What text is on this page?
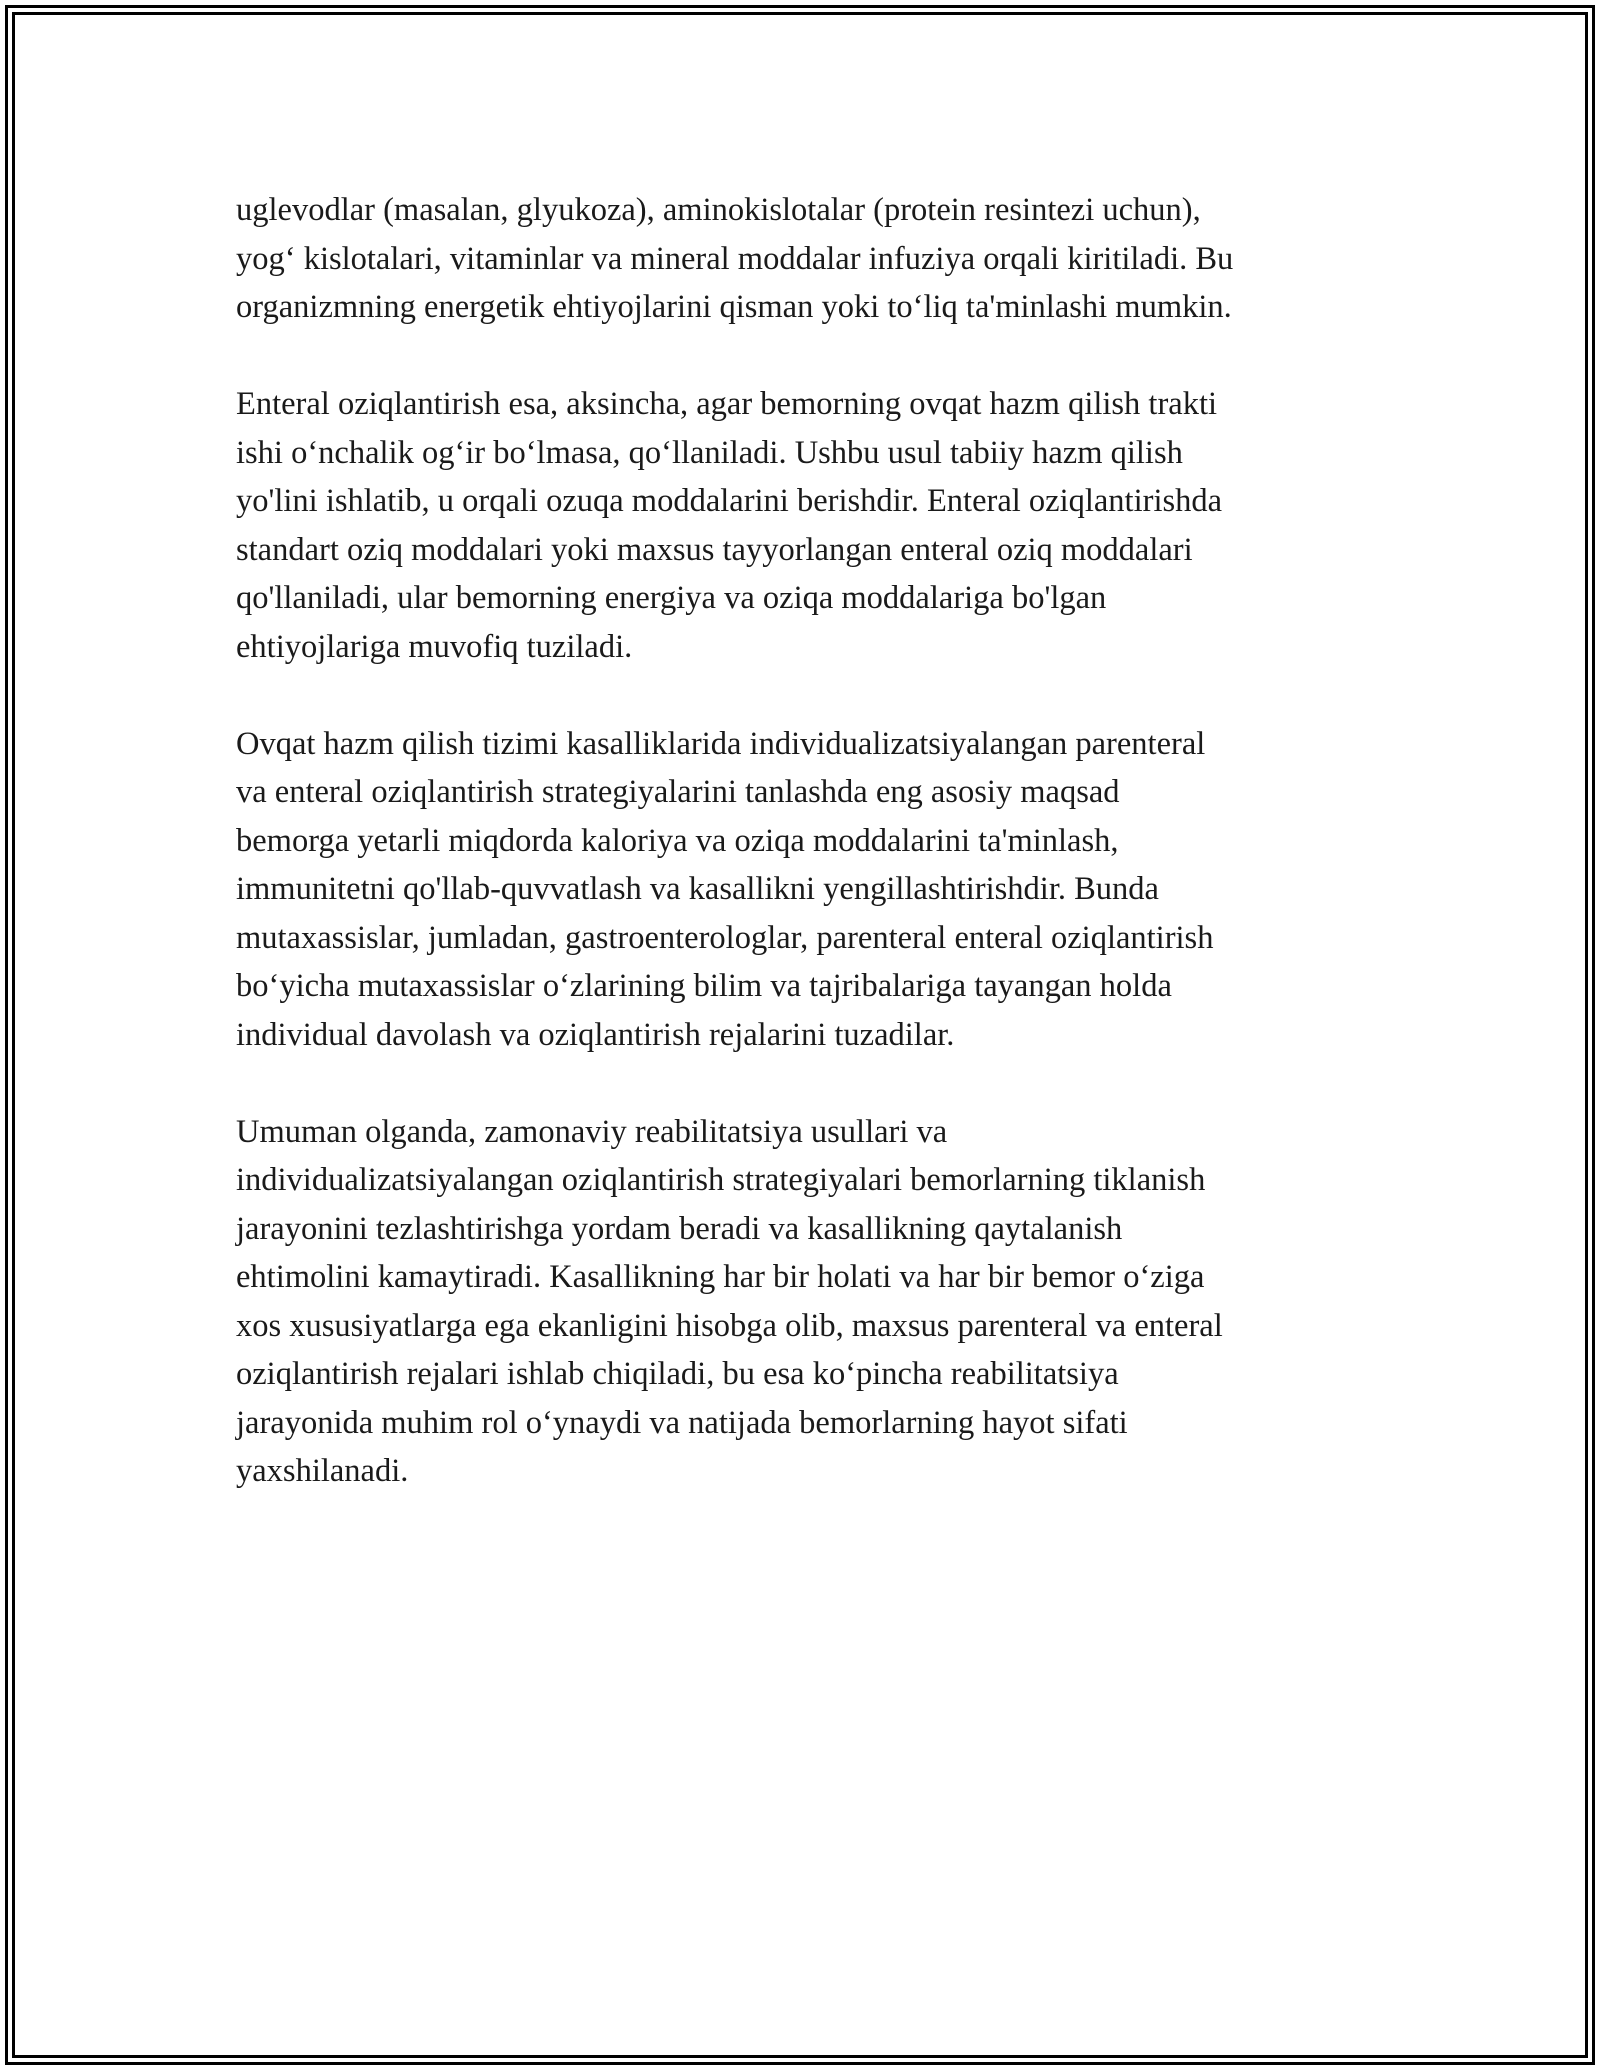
uglevodlar (masalan, glyukoza), aminokislotalar (protein resintezi uchun),
yog‘ kislotalari, vitaminlar va mineral moddalar infuziya orqali kiritiladi. Bu
organizmning energetik ehtiyojlarini qisman yoki to‘liq ta'minlashi mumkin.

Enteral oziqlantirish esa, aksincha, agar bemorning ovqat hazm qilish trakti
ishi o‘nchalik og‘ir bo‘lmasa, qo‘llaniladi. Ushbu usul tabiiy hazm qilish
yo'lini ishlatib, u orqali ozuqa moddalarini berishdir. Enteral oziqlantirishda
standart oziq moddalari yoki maxsus tayyorlangan enteral oziq moddalari
qo'llaniladi, ular bemorning energiya va oziqa moddalariga bo'lgan
ehtiyojlariga muvofiq tuziladi.

Ovqat hazm qilish tizimi kasalliklarida individualizatsiyalangan parenteral
va enteral oziqlantirish strategiyalarini tanlashda eng asosiy maqsad
bemorga yetarli miqdorda kaloriya va oziqa moddalarini ta'minlash,
immunitetni qo'llab-quvvatlash va kasallikni yengillashtirishdir. Bunda
mutaxassislar, jumladan, gastroenterologlar, parenteral enteral oziqlantirish
bo‘yicha mutaxassislar o‘zlarining bilim va tajribalariga tayangan holda
individual davolash va oziqlantirish rejalarini tuzadilar.

Umuman olganda, zamonaviy reabilitatsiya usullari va
individualizatsiyalangan oziqlantirish strategiyalari bemorlarning tiklanish
jarayonini tezlashtirishga yordam beradi va kasallikning qaytalanish
ehtimolini kamaytiradi. Kasallikning har bir holati va har bir bemor o‘ziga
xos xususiyatlarga ega ekanligini hisobga olib, maxsus parenteral va enteral
oziqlantirish rejalari ishlab chiqiladi, bu esa ko‘pincha reabilitatsiya
jarayonida muhim rol o‘ynaydi va natijada bemorlarning hayot sifati
yaxshilanadi.
